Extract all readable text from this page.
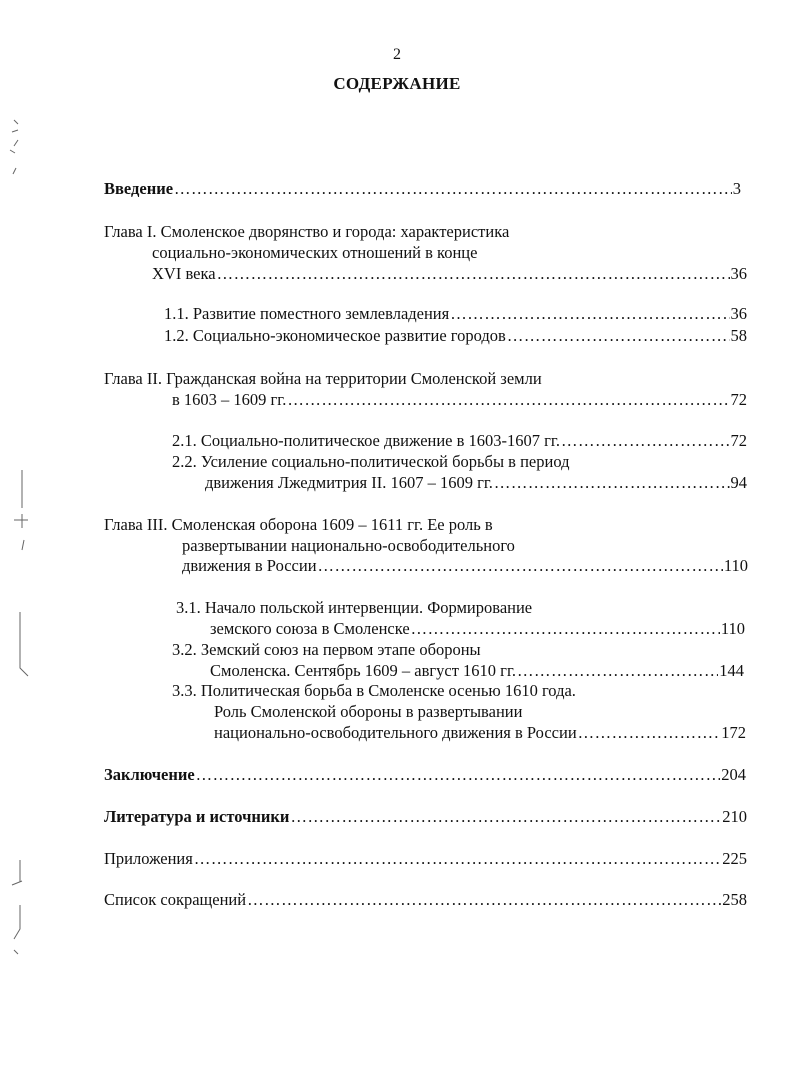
2
СОДЕРЖАНИЕ
Введение …………………………………………………………………………………………………………………………………………………	3
Глава I. Смоленское дворянство и города: характеристика
социально-экономических отношений в конце
XVI века …………………………………………………………………………………………………………………………………………………	36
1.1. Развитие поместного землевладения …………………………………………………………………………………………………………………………………………………	36
1.2. Социально-экономическое развитие городов …………………………………………………………………………………………………………………………………………………	58
Глава II. Гражданская война на территории Смоленской земли
в 1603 – 1609 гг. …………………………………………………………………………………………………………………………………………………	72
2.1. Социально-политическое движение в 1603-1607 гг. …………………………………………………………………………………………………………………………………………………	72
2.2. Усиление социально-политической борьбы в период
движения Лжедмитрия II. 1607 – 1609 гг. …………………………………………………………………………………………………………………………………………………	94
Глава III. Смоленская оборона 1609 – 1611 гг. Ее роль в
развертывании национально-освободительного
движения в России …………………………………………………………………………………………………………………………………………………	110
3.1. Начало польской интервенции. Формирование
земского союза в Смоленске …………………………………………………………………………………………………………………………………………………	110
3.2. Земский союз на первом этапе обороны
Смоленска. Сентябрь 1609 – август 1610 гг. …………………………………………………………………………………………………………………………………………………	144
3.3. Политическая борьба в Смоленске осенью 1610 года.
Роль Смоленской обороны в развертывании
национально-освободительного движения в России …………………………………………………………………………………………………………………………………………………	172
Заключение …………………………………………………………………………………………………………………………………………………	204
Литература и источники …………………………………………………………………………………………………………………………………………………	210
Приложения …………………………………………………………………………………………………………………………………………………	225
Список сокращений …………………………………………………………………………………………………………………………………………………	258
